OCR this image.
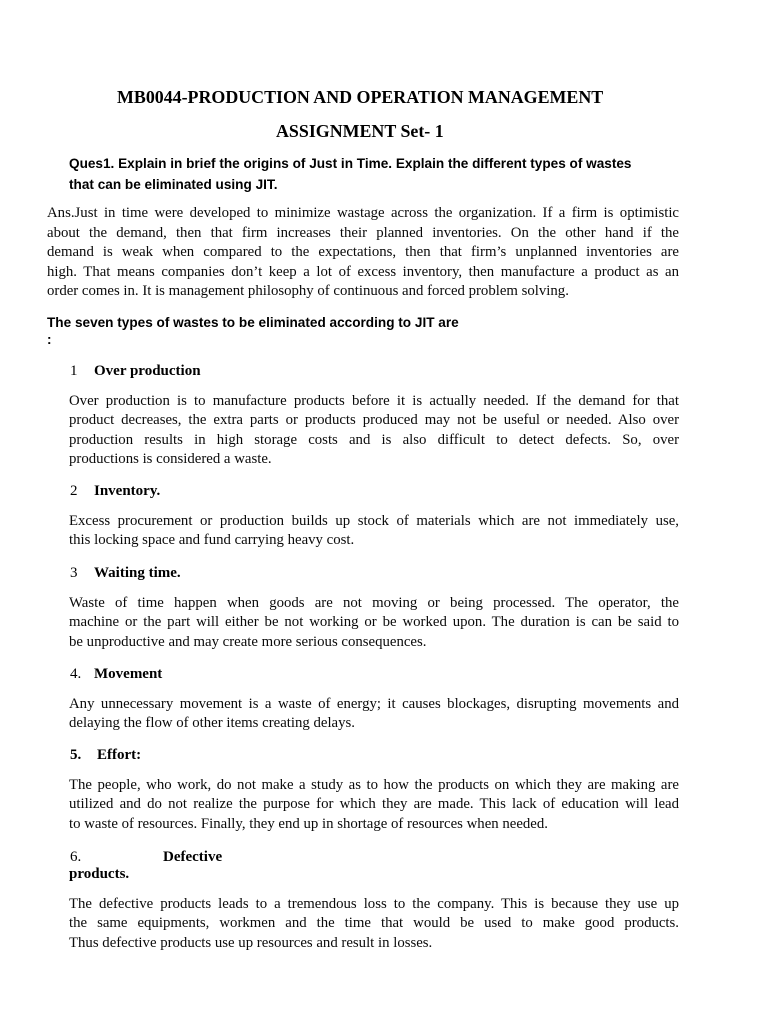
MB0044-PRODUCTION AND OPERATION MANAGEMENT
ASSIGNMENT Set- 1
Ques1. Explain in brief the origins of Just in Time. Explain the different types of wastes
that can be eliminated using JIT.
Ans.Just in time were developed to minimize wastage across the organization. If a firm is optimistic
about the demand, then that firm increases their planned inventories. On the other hand if the
demand is weak when compared to the expectations, then that firm’s unplanned inventories are
high. That means companies don’t keep a lot of excess inventory, then manufacture a product as an
order comes in. It is management philosophy of continuous and forced problem solving.
The seven types of wastes to be eliminated according to JIT are
:
1 Over production
Over production is to manufacture products before it is actually needed. If the demand for that
product decreases, the extra parts or products produced may not be useful or needed. Also over
production results in high storage costs and is also difficult to detect defects. So, over
productions is considered a waste.
2 Inventory.
Excess procurement or production builds up stock of materials which are not immediately use,
this locking space and fund carrying heavy cost.
3 Waiting time.
Waste of time happen when goods are not moving or being processed. The operator, the
machine or the part will either be not working or be worked upon. The duration is can be said to
be unproductive and may create more serious consequences.
4. Movement
Any unnecessary movement is a waste of energy; it causes blockages, disrupting movements and
delaying the flow of other items creating delays.
5. Effort:
The people, who work, do not make a study as to how the products on which they are making are
utilized and do not realize the purpose for which they are made. This lack of education will lead
to waste of resources. Finally, they end up in shortage of resources when needed.
6.	Defective
products.
The defective products leads to a tremendous loss to the company. This is because they use up
the same equipments, workmen and the time that would be used to make good products.
Thus defective products use up resources and result in losses.
